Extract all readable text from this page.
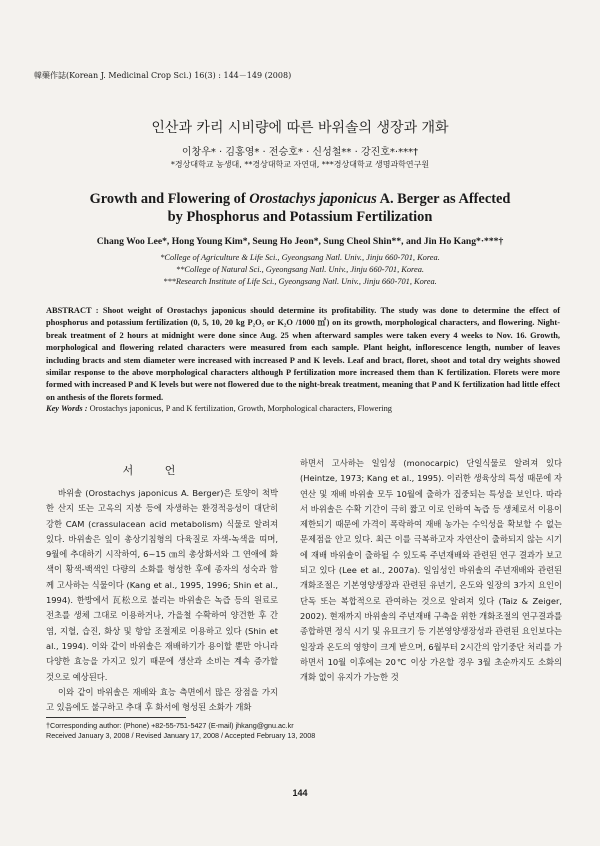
韓藥作誌(Korean J. Medicinal Crop Sci.) 16(3) : 144－149 (2008)
인산과 카리 시비량에 따른 바위솔의 생장과 개화
이창우* · 김홍영* · 전승호* · 신성철** · 강진호*·***†
*경상대학교 농생대, **경상대학교 자연대, ***경상대학교 생명과학연구원
Growth and Flowering of Orostachys japonicus A. Berger as Affected
by Phosphorus and Potassium Fertilization
Chang Woo Lee*, Hong Young Kim*, Seung Ho Jeon*, Sung Cheol Shin**, and Jin Ho Kang*·***†
*College of Agriculture & Life Sci., Gyeongsang Natl. Univ., Jinju 660-701, Korea.
**College of Natural Sci., Gyeongsang Natl. Univ., Jinju 660-701, Korea.
***Research Institute of Life Sci., Gyeongsang Natl. Univ., Jinju 660-701, Korea.
ABSTRACT : Shoot weight of Orostachys japonicus should determine its profitability. The study was done to determine the effect of phosphorus and potassium fertilization (0, 5, 10, 20 kg P₂O₅ or K₂O /1000 ㎡) on its growth, morphological characters, and flowering. Night-break treatment of 2 hours at midnight were done since Aug. 25 when afterward samples were taken every 4 weeks to Nov. 16. Growth, morphological and flowering related characters were measured from each sample. Plant height, inflorescence length, number of leaves including bracts and stem diameter were increased with increased P and K levels. Leaf and bract, floret, shoot and total dry weights showed similar response to the above morphological characters although P fertilization more increased them than K fertilization. Florets were more formed with increased P and K levels but were not flowered due to the night-break treatment, meaning that P and K fertilization had little effect on anthesis of the florets formed.
Key Words : Orostachys japonicus, P and K fertilization, Growth, Morphological characters, Flowering
서 언

바위솔 (Orostachys japonicus A. Berger)은 토양이 척박한 산지 또는 고옥의 지붕 등에 자생하는 환경적응성이 대단히 강한 CAM (crassulacean acid metabolism) 식물로 알려져 있다. 바위솔은 잎이 총상기침형의 다육질로 자색-녹색을 띠며, 9월에 추대하기 시작하여, 6~15 ㎝의 총상화서와 그 연애에 화색이 황색-백색인 다량의 소화를 형성한 후에 종자의 성숙과 함께 고사하는 식물이다 (Kang et al., 1995, 1996; Shin et al., 1994). 한방에서 瓦松으로 불리는 바위솔은 녹즙 등의 원료로 전초를 생체 그대로 이용하거나, 가을철 수확하여 양건한 후 간염, 지혈, 습진, 화상 및 항암 조절제로 이용하고 있다 (Shin et al., 1994). 이와 같이 바위솔은 재배하기가 용이할 뿐만 아니라 다양한 효능을 가지고 있기 때문에 생산과 소비는 계속 증가할 것으로 예상된다.

이와 같이 바위솔은 재배와 효능 측면에서 많은 장점을 가지고 있음에도 불구하고 추대 후 화서에 형성된 소화가 개화

하면서 고사하는 일임성 (monocarpic) 단일식물로 알려져 있다 (Heintze, 1973; Kang et al., 1995). 이러한 생육상의 특성 때문에 자연산 및 재배 바위솔 모두 10월에 출하가 집중되는 특성을 보인다. 따라서 바위솔은 수확 기간이 극히 짧고 이로 인하여 녹즙 등 생체로서 이용이 제한되기 때문에 가격이 폭락하여 재배 농가는 수익성을 확보할 수 없는 문제점을 안고 있다. 최근 이를 극복하고자 자연산이 출하되지 않는 시기에 재배 바위솔이 출하될 수 있도록 주년재배와 관련된 연구 결과가 보고되고 있다 (Lee et al., 2007a). 일임성인 바위솔의 주년재배와 관련된 개화조절은 기본영양생장과 관련된 유년기, 온도와 일장의 3가지 요인이 단독 또는 복합적으로 관여하는 것으로 알려져 있다 (Taiz & Zeiger, 2002). 현재까지 바위솔의 주년재배 구축을 위한 개화조절의 연구결과를 종합하면 정식 시기 및 유묘크기 등 기본영양생장성과 관련된 요인보다는 일장과 온도의 영향이 크게 받으며, 6월부터 2시간의 암기중단 처리를 가하면서 10월 이후에는 20℃ 이상 가온할 경우 3월 초순까지도 소화의 개화 없이 유지가 가능한 것

†Corresponding author: (Phone) +82-55-751-5427 (E-mail) jhkang@gnu.ac.kr
Received January 3, 2008 / Revised January 17, 2008 / Accepted February 13, 2008
144
